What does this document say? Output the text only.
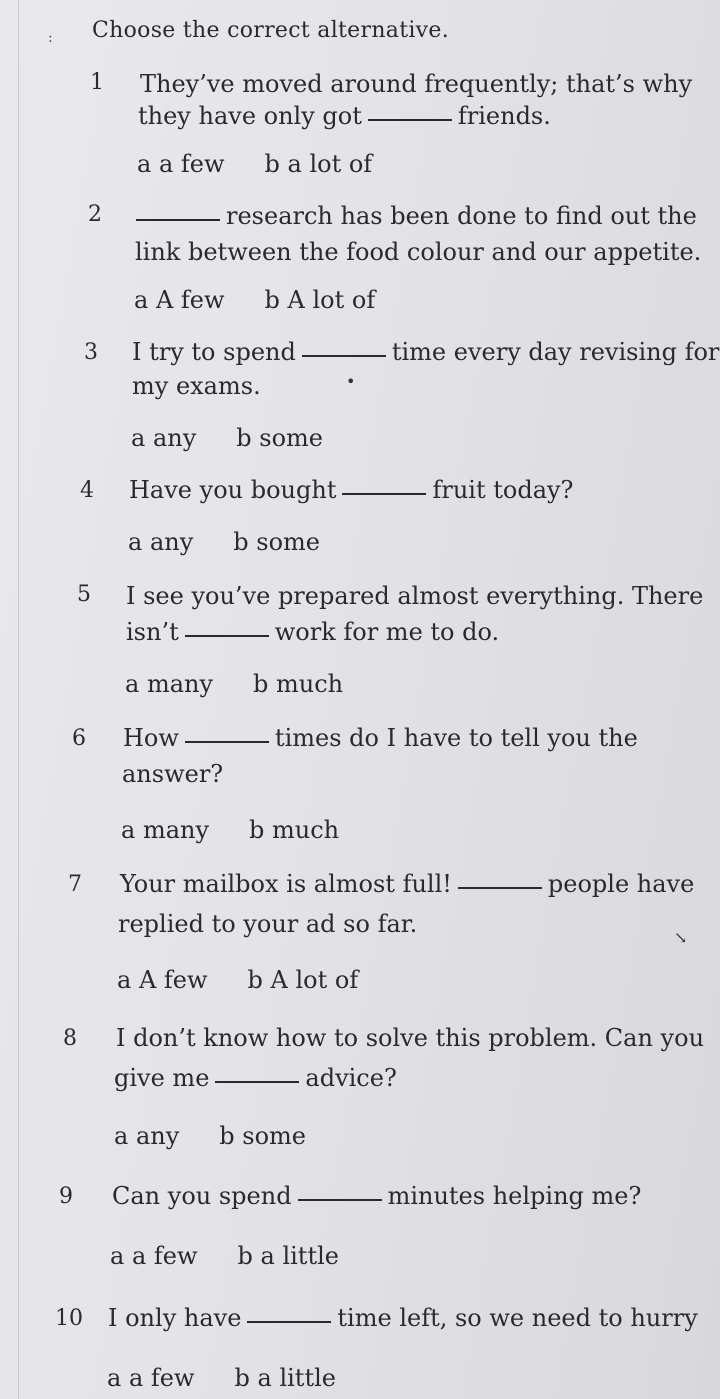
: Choose the correct alternative.
1 They’ve moved around frequently; that’s why
they have only got	friends.
a a few b a lot of
2	research has been done to find out the
link between the food colour and our appetite.
a A few b A lot of
3 I try to spend	time every day revising for
my exams.
a any b some
•
4 Have you bought	fruit today?
a any b some
5 I see you’ve prepared almost everything. There
isn’t	work for me to do.
a many b much
6 How	times do I have to tell you the
answer?
a many b much
7 Your mailbox is almost full!	people have
replied to your ad so far.
a A few b A lot of
↘
8 I don’t know how to solve this problem. Can you
give me	advice?
a any b some
9 Can you spend	minutes helping me?
a a few b a little
10 I only have	time left, so we need to hurry
a a few b a little
